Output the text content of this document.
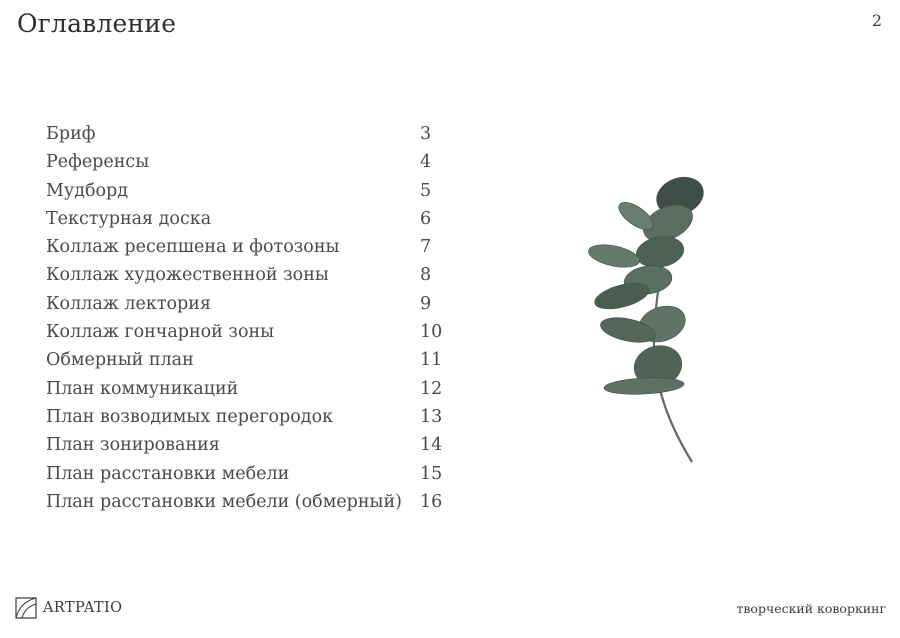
Оглавление	2
Бриф	3
Референсы	4
Мудборд	5
Текстурная доска	6
Коллаж ресепшена и фотозоны	7
Коллаж художественной зоны	8
Коллаж лектория	9
Коллаж гончарной зоны	10
Обмерный план	11
План коммуникаций	12
План возводимых перегородок	13
План зонирования	14
План расстановки мебели	15
План расстановки мебели (обмерный)	16
ARTPATIO	творческий коворкинг
